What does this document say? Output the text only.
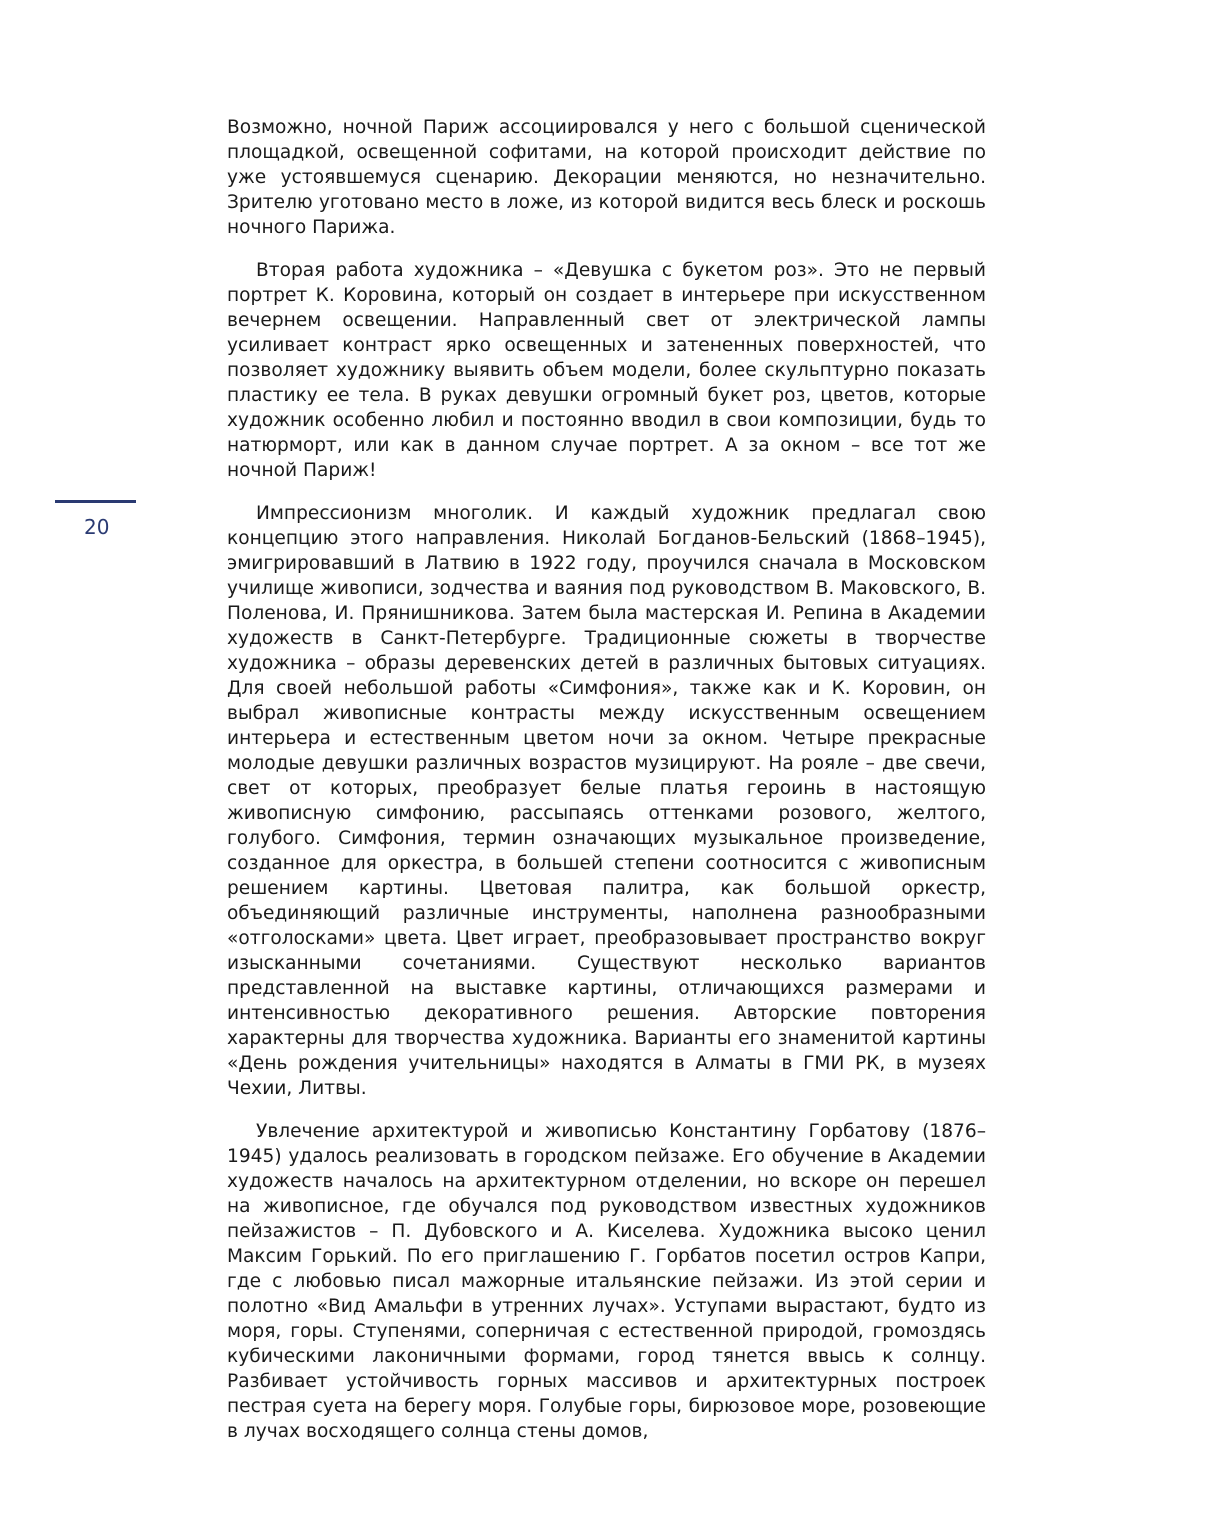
20

Возможно, ночной Париж ассоциировался у него с большой сценической площадкой, освещенной софитами, на которой происходит действие по уже устоявшемуся сценарию. Декорации меняются, но незначительно. Зрителю уготовано место в ложе, из которой видится весь блеск и роскошь ночного Парижа.

Вторая работа художника – «Девушка с букетом роз». Это не первый портрет К. Коровина, который он создает в интерьере при искусственном вечернем освещении. Направленный свет от электрической лампы усиливает контраст ярко освещенных и затененных поверхностей, что позволяет художнику выявить объем модели, более скульптурно показать пластику ее тела. В руках девушки огромный букет роз, цветов, которые художник особенно любил и постоянно вводил в свои композиции, будь то натюрморт, или как в данном случае портрет. А за окном – все тот же ночной Париж!

Импрессионизм многолик. И каждый художник предлагал свою концепцию этого направления. Николай Богданов-Бельский (1868–1945), эмигрировавший в Латвию в 1922 году, проучился сначала в Московском училище живописи, зодчества и ваяния под руководством В. Маковского, В. Поленова, И. Прянишникова. Затем была мастерская И. Репина в Академии художеств в Санкт-Петербурге. Традиционные сюжеты в творчестве художника – образы деревенских детей в различных бытовых ситуациях. Для своей небольшой работы «Симфония», также как и К. Коровин, он выбрал живописные контрасты между искусственным освещением интерьера и естественным цветом ночи за окном. Четыре прекрасные молодые девушки различных возрастов музицируют. На рояле – две свечи, свет от которых, преобразует белые платья героинь в настоящую живописную симфонию, рассыпаясь оттенками розового, желтого, голубого. Симфония, термин означающих музыкальное произведение, созданное для оркестра, в большей степени соотносится с живописным решением картины. Цветовая палитра, как большой оркестр, объединяющий различные инструменты, наполнена разнообразными «отголосками» цвета. Цвет играет, преобразовывает пространство вокруг изысканными сочетаниями. Существуют несколько вариантов представленной на выставке картины, отличающихся размерами и интенсивностью декоративного решения. Авторские повторения характерны для творчества художника. Варианты его знаменитой картины «День рождения учительницы» находятся в Алматы в ГМИ РК, в музеях Чехии, Литвы.

Увлечение архитектурой и живописью Константину Горбатову (1876–1945) удалось реализовать в городском пейзаже. Его обучение в Академии художеств началось на архитектурном отделении, но вскоре он перешел на живописное, где обучался под руководством известных художников пейзажистов – П. Дубовского и А. Киселева. Художника высоко ценил Максим Горький. По его приглашению Г. Горбатов посетил остров Капри, где с любовью писал мажорные итальянские пейзажи. Из этой серии и полотно «Вид Амальфи в утренних лучах». Уступами вырастают, будто из моря, горы. Ступенями, соперничая с естественной природой, громоздясь кубическими лаконичными формами, город тянется ввысь к солнцу. Разбивает устойчивость горных массивов и архитектурных построек пестрая суета на берегу моря. Голубые горы, бирюзовое море, розовеющие в лучах восходящего солнца стены домов,
